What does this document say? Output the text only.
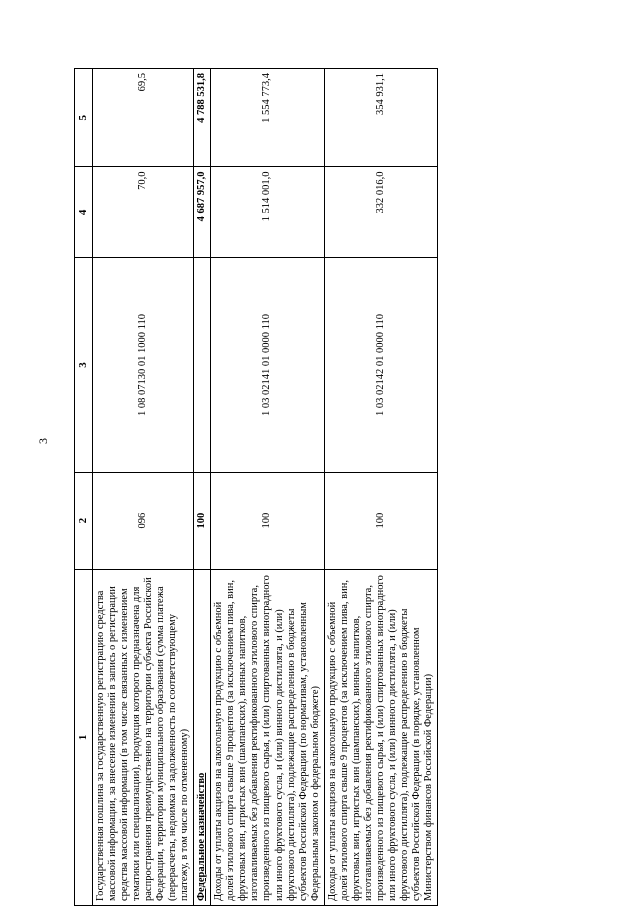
3
1	2	3	4	5
Государственная пошлина за государственную регистрацию средства массовой информации, за внесение изменений в запись о регистрации средства массовой информации (в том числе связанных с изменением тематики или специализации), продукция которого предназначена для распространения преимущественно на территории субъекта Российской Федерации, территории муниципального образования (сумма платежа (перерасчеты, недоимка и задолженность по соответствующему платежу, в том числе по отмененному)	096	1 08 07130 01 1000 110	70,0	69,5
Федеральное казначейство	100		4 687 957,0	4 788 531,8
Доходы от уплаты акцизов на алкогольную продукцию с объемной долей этилового спирта свыше 9 процентов (за исключением пива, вин, фруктовых вин, игристых вин (шампанских), винных напитков, изготавливаемых без добавления ректификованного этилового спирта, произведенного из пищевого сырья, и (или) спиртованных виноградного или иного фруктового сусла, и (или) винного дистиллята, и (или) фруктового дистиллята), подлежащие распределению в бюджеты субъектов Российской Федерации (по нормативам, установленным Федеральным законом о федеральном бюджете)	100	1 03 02141 01 0000 110	1 514 001,0	1 554 773,4
Доходы от уплаты акцизов на алкогольную продукцию с объемной долей этилового спирта свыше 9 процентов (за исключением пива, вин, фруктовых вин, игристых вин (шампанских), винных напитков, изготавливаемых без добавления ректификованного этилового спирта, произведенного из пищевого сырья, и (или) спиртованных виноградного или иного фруктового сусла, и (или) винного дистиллята, и (или) фруктового дистиллята), подлежащие распределению в бюджеты субъектов Российской Федерации (в порядке, установленном Министерством финансов Российской Федерации)	100	1 03 02142 01 0000 110	332 016,0	354 931,1
